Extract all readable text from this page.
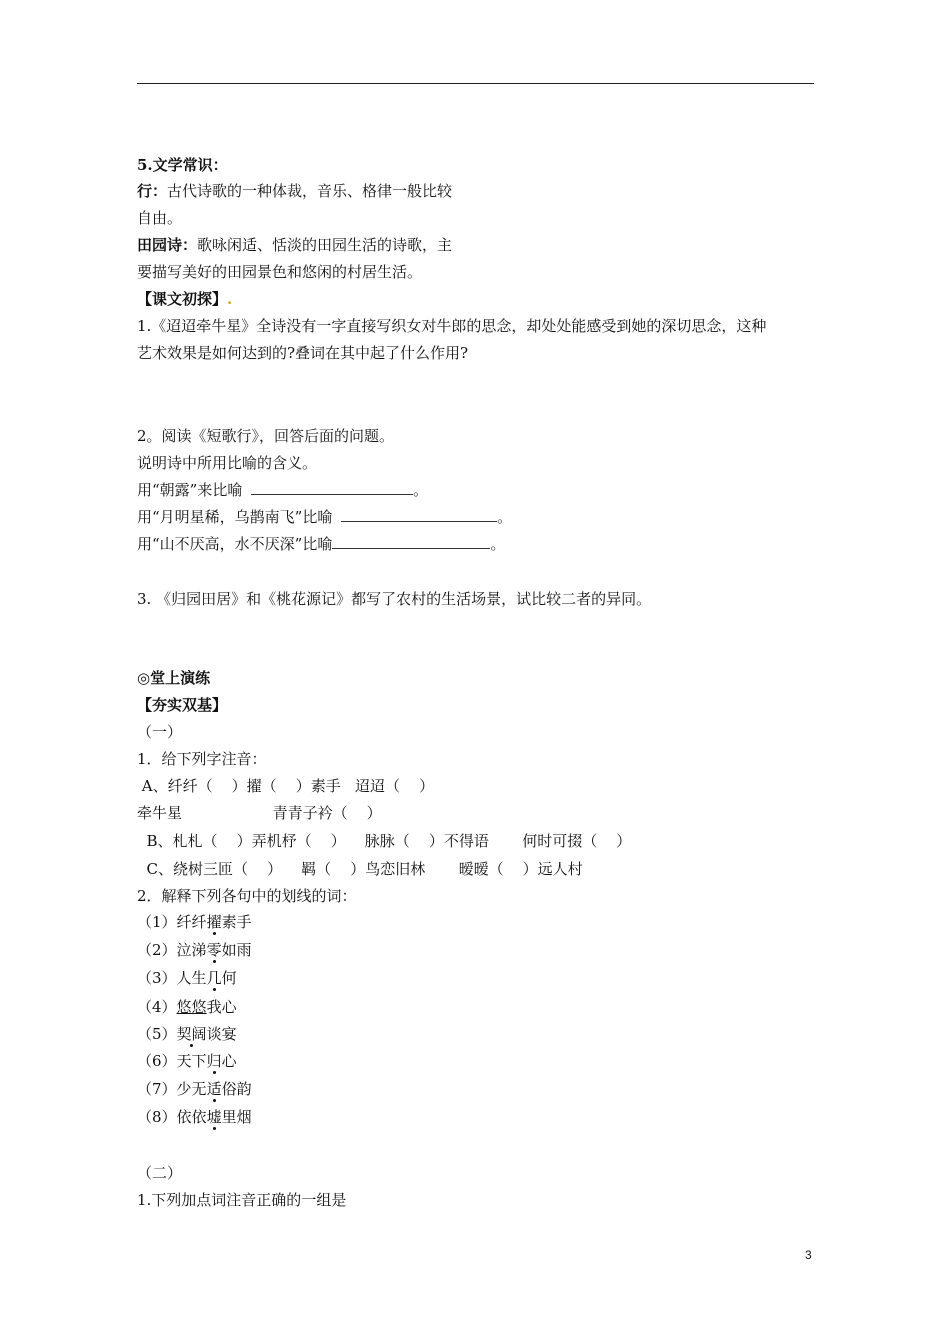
5.文学常识：
行：古代诗歌的一种体裁，音乐、格律一般比较
自由。
田园诗：歌咏闲适、恬淡的田园生活的诗歌，主
要描写美好的田园景色和悠闲的村居生活。
【课文初探】.
1.《迢迢牵牛星》全诗没有一字直接写织女对牛郎的思念，却处处能感受到她的深切思念，这种
艺术效果是如何达到的?叠词在其中起了什么作用?
2。阅读《短歌行》，回答后面的问题。
说明诗中所用比喻的含义。
用“朝露”来比喻	。
用“月明星稀，乌鹊南飞”比喻	。
用“山不厌高，水不厌深”比喻	。
3. 《归园田居》和《桃花源记》都写了农村的生活场景，试比较二者的异同。
◎堂上演练
【夯实双基】
（一）
1．给下列字注音：
A、纤纤（    ）擢（    ）素手   迢迢（    ）
牵牛星                   青青子衿（    ）
B、札札（    ）弄机杼（    ）    脉脉（    ）不得语       何时可掇（    ）
C、绕树三匝（    ）    羁（    ）鸟恋旧林       暧暧（    ）远人村
2．解释下列各句中的划线的词：
（1）纤纤擢素手
（2）泣涕零如雨
（3）人生几何
（4）悠悠我心
（5）契阔谈宴
（6）天下归心
（7）少无适俗韵
（8）依依墟里烟
（二）
1.下列加点词注音正确的一组是
3
